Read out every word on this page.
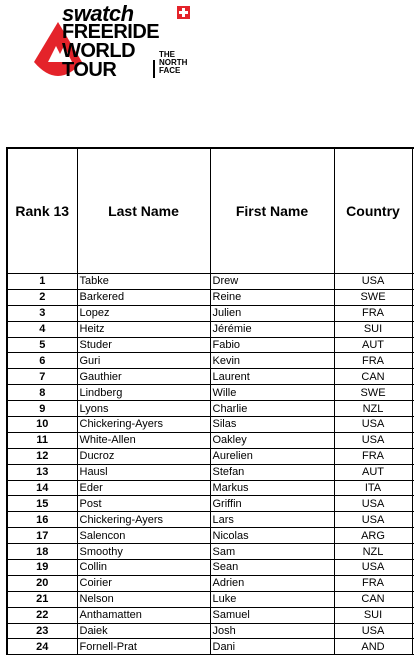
swatch
FREERIDE
WORLD
TOUR
THE
NORTH
FACE
Rank 13	Last Name	First Name	Country	
1	Tabke	Drew	USA	
2	Barkered	Reine	SWE	
3	Lopez	Julien	FRA	
4	Heitz	Jérémie	SUI	
5	Studer	Fabio	AUT	
6	Guri	Kevin	FRA	
7	Gauthier	Laurent	CAN	
8	Lindberg	Wille	SWE	
9	Lyons	Charlie	NZL	
10	Chickering-Ayers	Silas	USA	
11	White-Allen	Oakley	USA	
12	Ducroz	Aurelien	FRA	
13	Hausl	Stefan	AUT	
14	Eder	Markus	ITA	
15	Post	Griffin	USA	
16	Chickering-Ayers	Lars	USA	
17	Salencon	Nicolas	ARG	
18	Smoothy	Sam	NZL	
19	Collin	Sean	USA	
20	Coirier	Adrien	FRA	
21	Nelson	Luke	CAN	
22	Anthamatten	Samuel	SUI	
23	Daiek	Josh	USA	
24	Fornell-Prat	Dani	AND	
